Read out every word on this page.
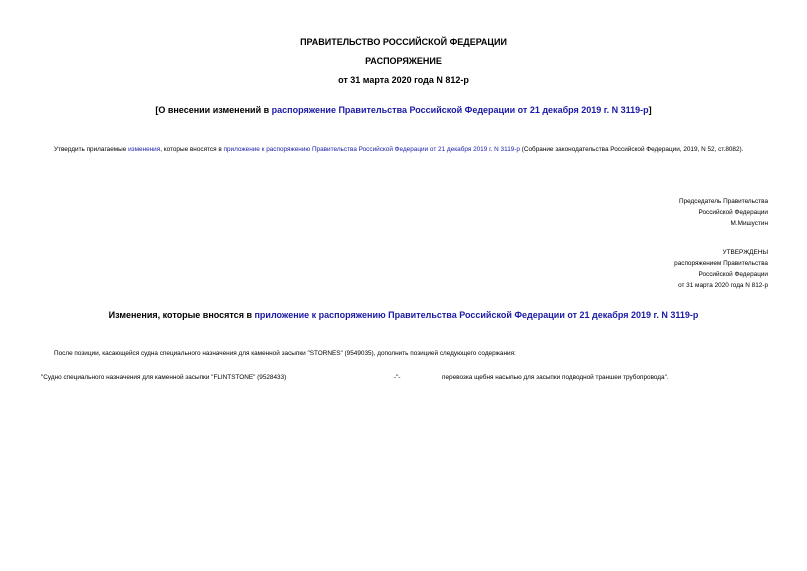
ПРАВИТЕЛЬСТВО РОССИЙСКОЙ ФЕДЕРАЦИИ
РАСПОРЯЖЕНИЕ
от 31 марта 2020 года N 812-р
[О внесении изменений в распоряжение Правительства Российской Федерации от 21 декабря 2019 г. N 3119-р]
Утвердить прилагаемые изменения, которые вносятся в приложение к распоряжению Правительства Российской Федерации от 21 декабря 2019 г. N 3119-р (Собрание законодательства Российской Федерации, 2019, N 52, ст.8082).
Председатель Правительства
Российской Федерации
М.Мишустин
УТВЕРЖДЕНЫ
распоряжением Правительства
Российской Федерации
от 31 марта 2020 года N 812-р
Изменения, которые вносятся в приложение к распоряжению Правительства Российской Федерации от 21 декабря 2019 г. N 3119-р
После позиции, касающейся судна специального назначения для каменной засыпки "STORNES" (9549035), дополнить позицией следующего содержания:
"Судно специального назначения для каменной засыпки "FLINTSTONE" (9528433)	-"-	перевозка щебня насыпью для засыпки подводной траншеи трубопровода".
